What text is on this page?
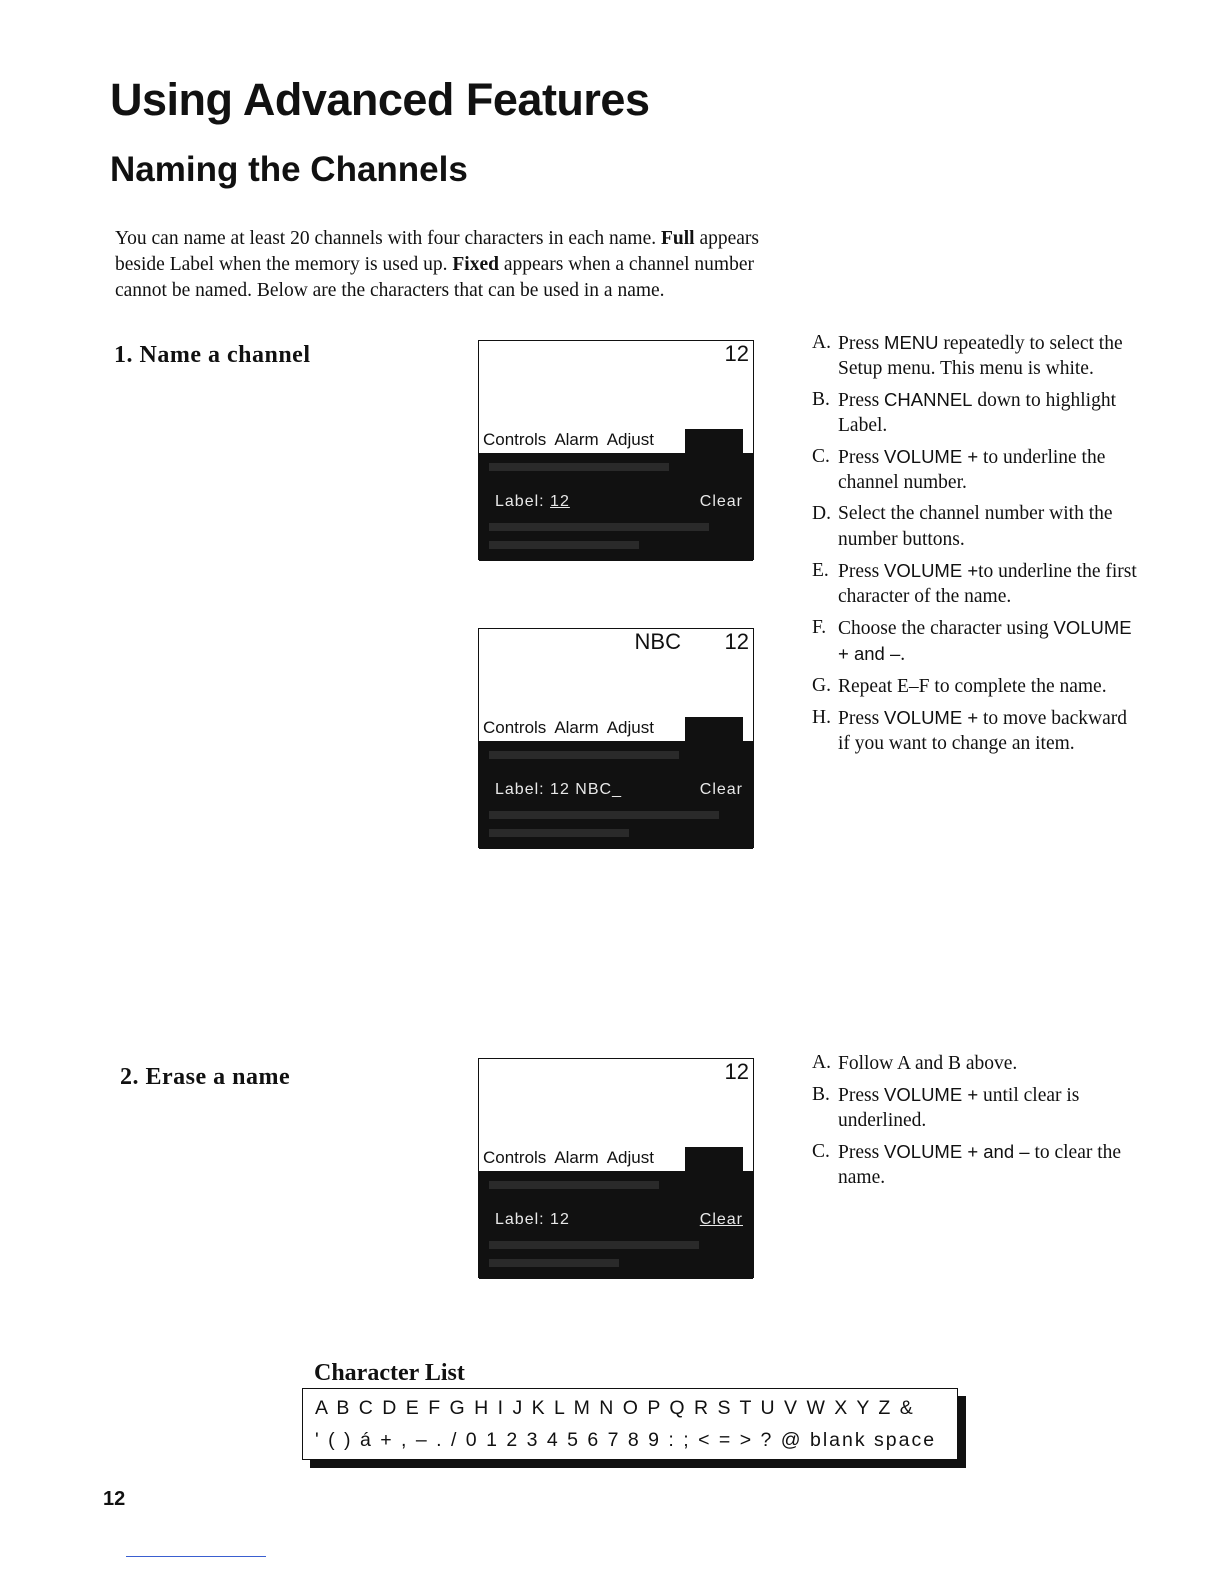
Using Advanced Features
Naming the Channels
You can name at least 20 channels with four characters in each name. Full appears beside Label when the memory is used up. Fixed appears when a channel number cannot be named. Below are the characters that can be used in a name.
1. Name a channel	12
Controls Alarm Adjust
Label: 12	Clear
NBC 12
Controls Alarm Adjust
Label: 12 NBC_	Clear
A. Press MENU repeatedly to select the Setup menu. This menu is white.
B. Press CHANNEL down to highlight Label.
C. Press VOLUME + to underline the channel number.
D. Select the channel number with the number buttons.
E. Press VOLUME +to underline the first character of the name.
F. Choose the character using VOLUME + and –.
G. Repeat E–F to complete the name.
H. Press VOLUME + to move backward if you want to change an item.
2. Erase a name	12
Controls Alarm Adjust
Label: 12	Clear
A. Follow A and B above.
B. Press VOLUME + until clear is underlined.
C. Press VOLUME + and – to clear the name.
Character List
A B C D E F G H I J K L M N O P Q R S T U V W X Y Z &
' ( ) á + , – . / 0 1 2 3 4 5 6 7 8 9 : ; < = > ? @ blank space
12
